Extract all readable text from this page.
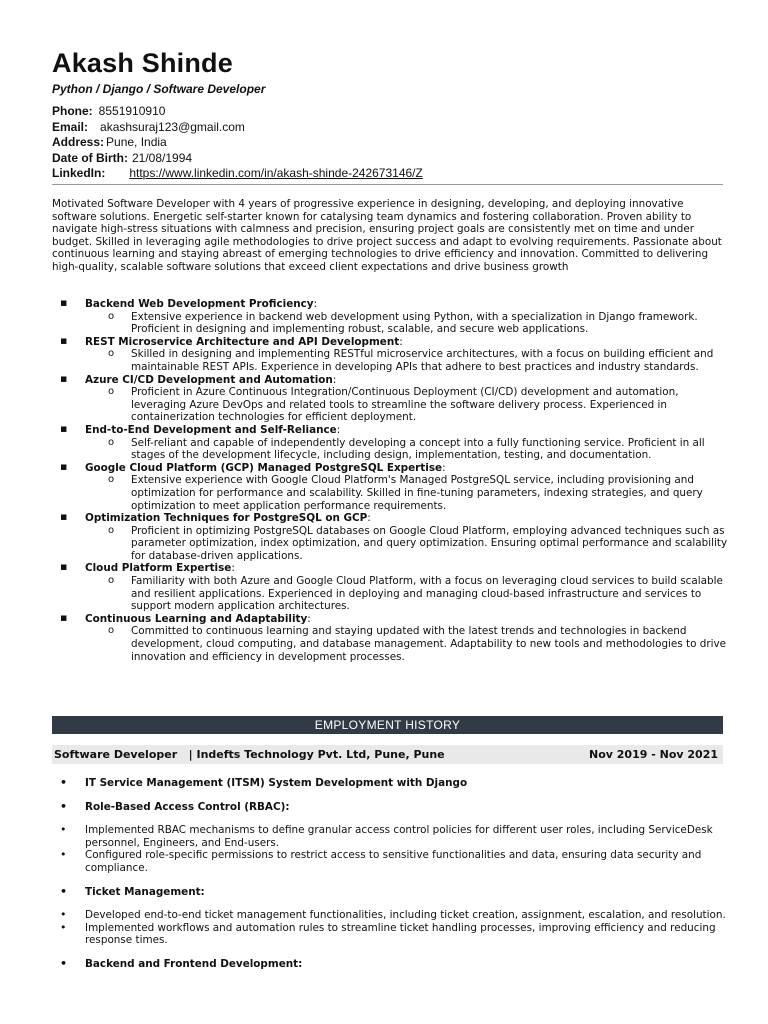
Akash Shinde
Python / Django / Software Developer
Phone: 8551910910
Email: akashsuraj123@gmail.com
Address: Pune, India
Date of Birth: 21/08/1994
LinkedIn: https://www.linkedin.com/in/akash-shinde-242673146/Z
Motivated Software Developer with 4 years of progressive experience in designing, developing, and deploying innovative software solutions. Energetic self-starter known for catalysing team dynamics and fostering collaboration. Proven ability to navigate high-stress situations with calmness and precision, ensuring project goals are consistently met on time and under budget. Skilled in leveraging agile methodologies to drive project success and adapt to evolving requirements. Passionate about continuous learning and staying abreast of emerging technologies to drive efficiency and innovation. Committed to delivering high-quality, scalable software solutions that exceed client expectations and drive business growth
▪ Backend Web Development Proficiency:
o Extensive experience in backend web development using Python, with a specialization in Django framework. Proficient in designing and implementing robust, scalable, and secure web applications.
▪ REST Microservice Architecture and API Development:
o Skilled in designing and implementing RESTful microservice architectures, with a focus on building efficient and maintainable REST APIs. Experience in developing APIs that adhere to best practices and industry standards.
▪ Azure CI/CD Development and Automation:
o Proficient in Azure Continuous Integration/Continuous Deployment (CI/CD) development and automation, leveraging Azure DevOps and related tools to streamline the software delivery process. Experienced in containerization technologies for efficient deployment.
▪ End-to-End Development and Self-Reliance:
o Self-reliant and capable of independently developing a concept into a fully functioning service. Proficient in all stages of the development lifecycle, including design, implementation, testing, and documentation.
▪ Google Cloud Platform (GCP) Managed PostgreSQL Expertise:
o Extensive experience with Google Cloud Platform's Managed PostgreSQL service, including provisioning and optimization for performance and scalability. Skilled in fine-tuning parameters, indexing strategies, and query optimization to meet application performance requirements.
▪ Optimization Techniques for PostgreSQL on GCP:
o Proficient in optimizing PostgreSQL databases on Google Cloud Platform, employing advanced techniques such as parameter optimization, index optimization, and query optimization. Ensuring optimal performance and scalability for database-driven applications.
▪ Cloud Platform Expertise:
o Familiarity with both Azure and Google Cloud Platform, with a focus on leveraging cloud services to build scalable and resilient applications. Experienced in deploying and managing cloud-based infrastructure and services to support modern application architectures.
▪ Continuous Learning and Adaptability:
o Committed to continuous learning and staying updated with the latest trends and technologies in backend development, cloud computing, and database management. Adaptability to new tools and methodologies to drive innovation and efficiency in development processes.
EMPLOYMENT HISTORY
Software Developer | Indefts Technology Pvt. Ltd, Pune, Pune	Nov 2019 - Nov 2021
• IT Service Management (ITSM) System Development with Django
• Role-Based Access Control (RBAC):
• Implemented RBAC mechanisms to define granular access control policies for different user roles, including ServiceDesk personnel, Engineers, and End-users.
• Configured role-specific permissions to restrict access to sensitive functionalities and data, ensuring data security and compliance.
• Ticket Management:
• Developed end-to-end ticket management functionalities, including ticket creation, assignment, escalation, and resolution.
• Implemented workflows and automation rules to streamline ticket handling processes, improving efficiency and reducing response times.
• Backend and Frontend Development:
